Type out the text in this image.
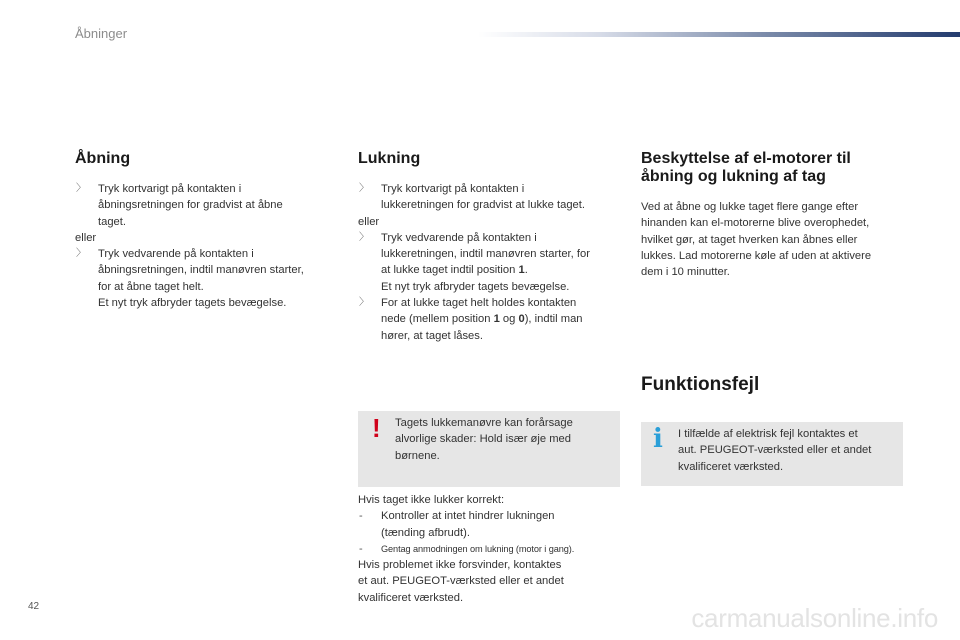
Åbninger
Åbning
〉 Tryk kortvarigt på kontakten i
åbningsretningen for gradvist at åbne
taget.
eller
〉 Tryk vedvarende på kontakten i
åbningsretningen, indtil manøvren starter,
for at åbne taget helt.
Et nyt tryk afbryder tagets bevægelse.
Lukning
〉 Tryk kortvarigt på kontakten i
lukkeretningen for gradvist at lukke taget.
eller
〉 Tryk vedvarende på kontakten i
lukkeretningen, indtil manøvren starter, for
at lukke taget indtil position 1.
Et nyt tryk afbryder tagets bevægelse.
〉 For at lukke taget helt holdes kontakten
nede (mellem position 1 og 0), indtil man
hører, at taget låses.
! Tagets lukkemanøvre kan forårsage
alvorlige skader: Hold især øje med
børnene.
Hvis taget ikke lukker korrekt:
- Kontroller at intet hindrer lukningen
(tænding afbrudt).
- Gentag anmodningen om lukning (motor i gang).
Hvis problemet ikke forsvinder, kontaktes
et aut. PEUGEOT-værksted eller et andet
kvalificeret værksted.
Beskyttelse af el-motorer til
åbning og lukning af tag
Ved at åbne og lukke taget flere gange efter
hinanden kan el-motorerne blive overophedet,
hvilket gør, at taget hverken kan åbnes eller
lukkes. Lad motorerne køle af uden at aktivere
dem i 10 minutter.
Funktionsfejl
i I tilfælde af elektrisk fejl kontaktes et
aut. PEUGEOT-værksted eller et andet
kvalificeret værksted.
42	carmanualsonline.info
